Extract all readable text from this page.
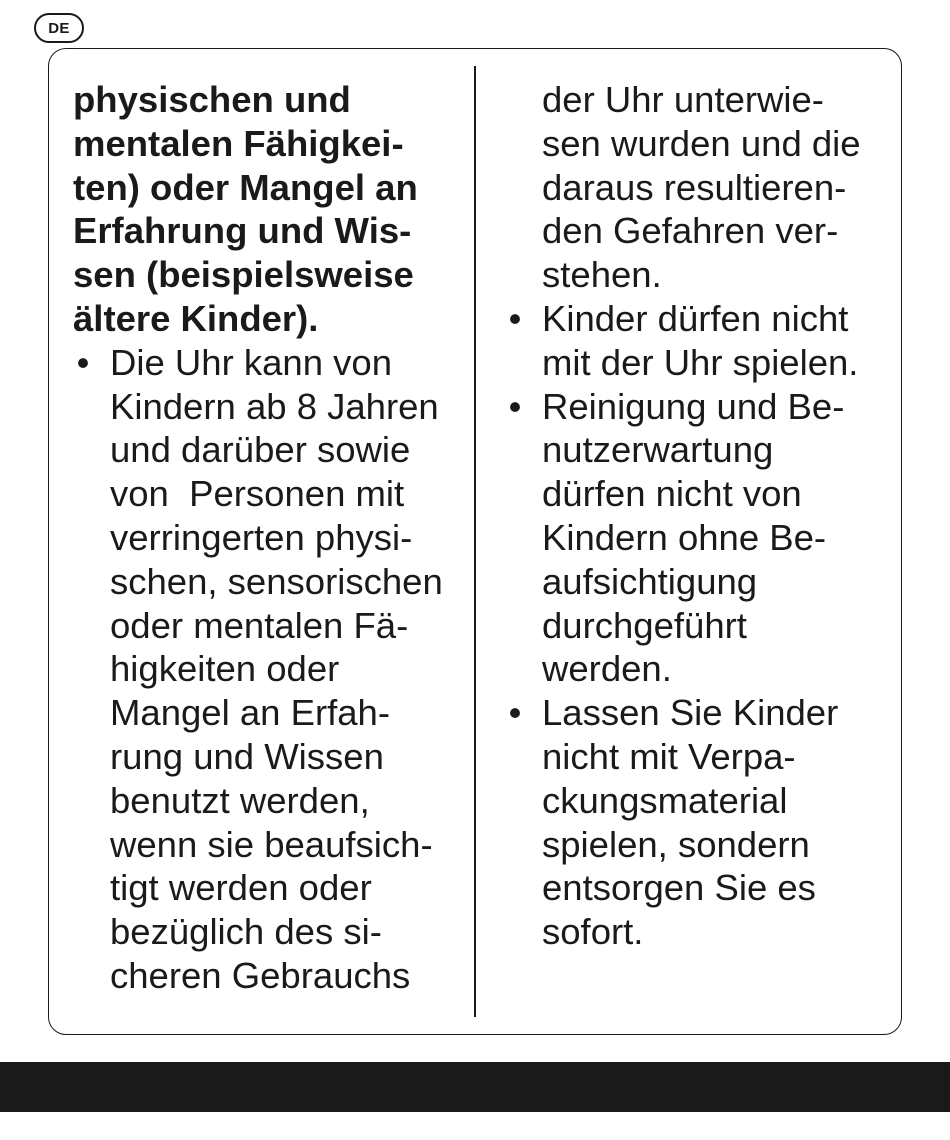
DE
physischen und
mentalen Fähigkei-
ten) oder Mangel an
Erfahrung und Wis-
sen (beispielsweise
ältere Kinder).
• Die Uhr kann von
Kindern ab 8 Jahren
und darüber sowie
von  Personen mit
verringerten physi-
schen, sensorischen
oder mentalen Fä-
higkeiten oder
Mangel an Erfah-
rung und Wissen
benutzt werden,
wenn sie beaufsich-
tigt werden oder
bezüglich des si-
cheren Gebrauchs
der Uhr unterwie-
sen wurden und die
daraus resultieren-
den Gefahren ver-
stehen.
• Kinder dürfen nicht
mit der Uhr spielen.
• Reinigung und Be-
nutzerwartung
dürfen nicht von
Kindern ohne Be-
aufsichtigung
durchgeführt
werden.
• Lassen Sie Kinder
nicht mit Verpa-
ckungsmaterial
spielen, sondern
entsorgen Sie es
sofort.
